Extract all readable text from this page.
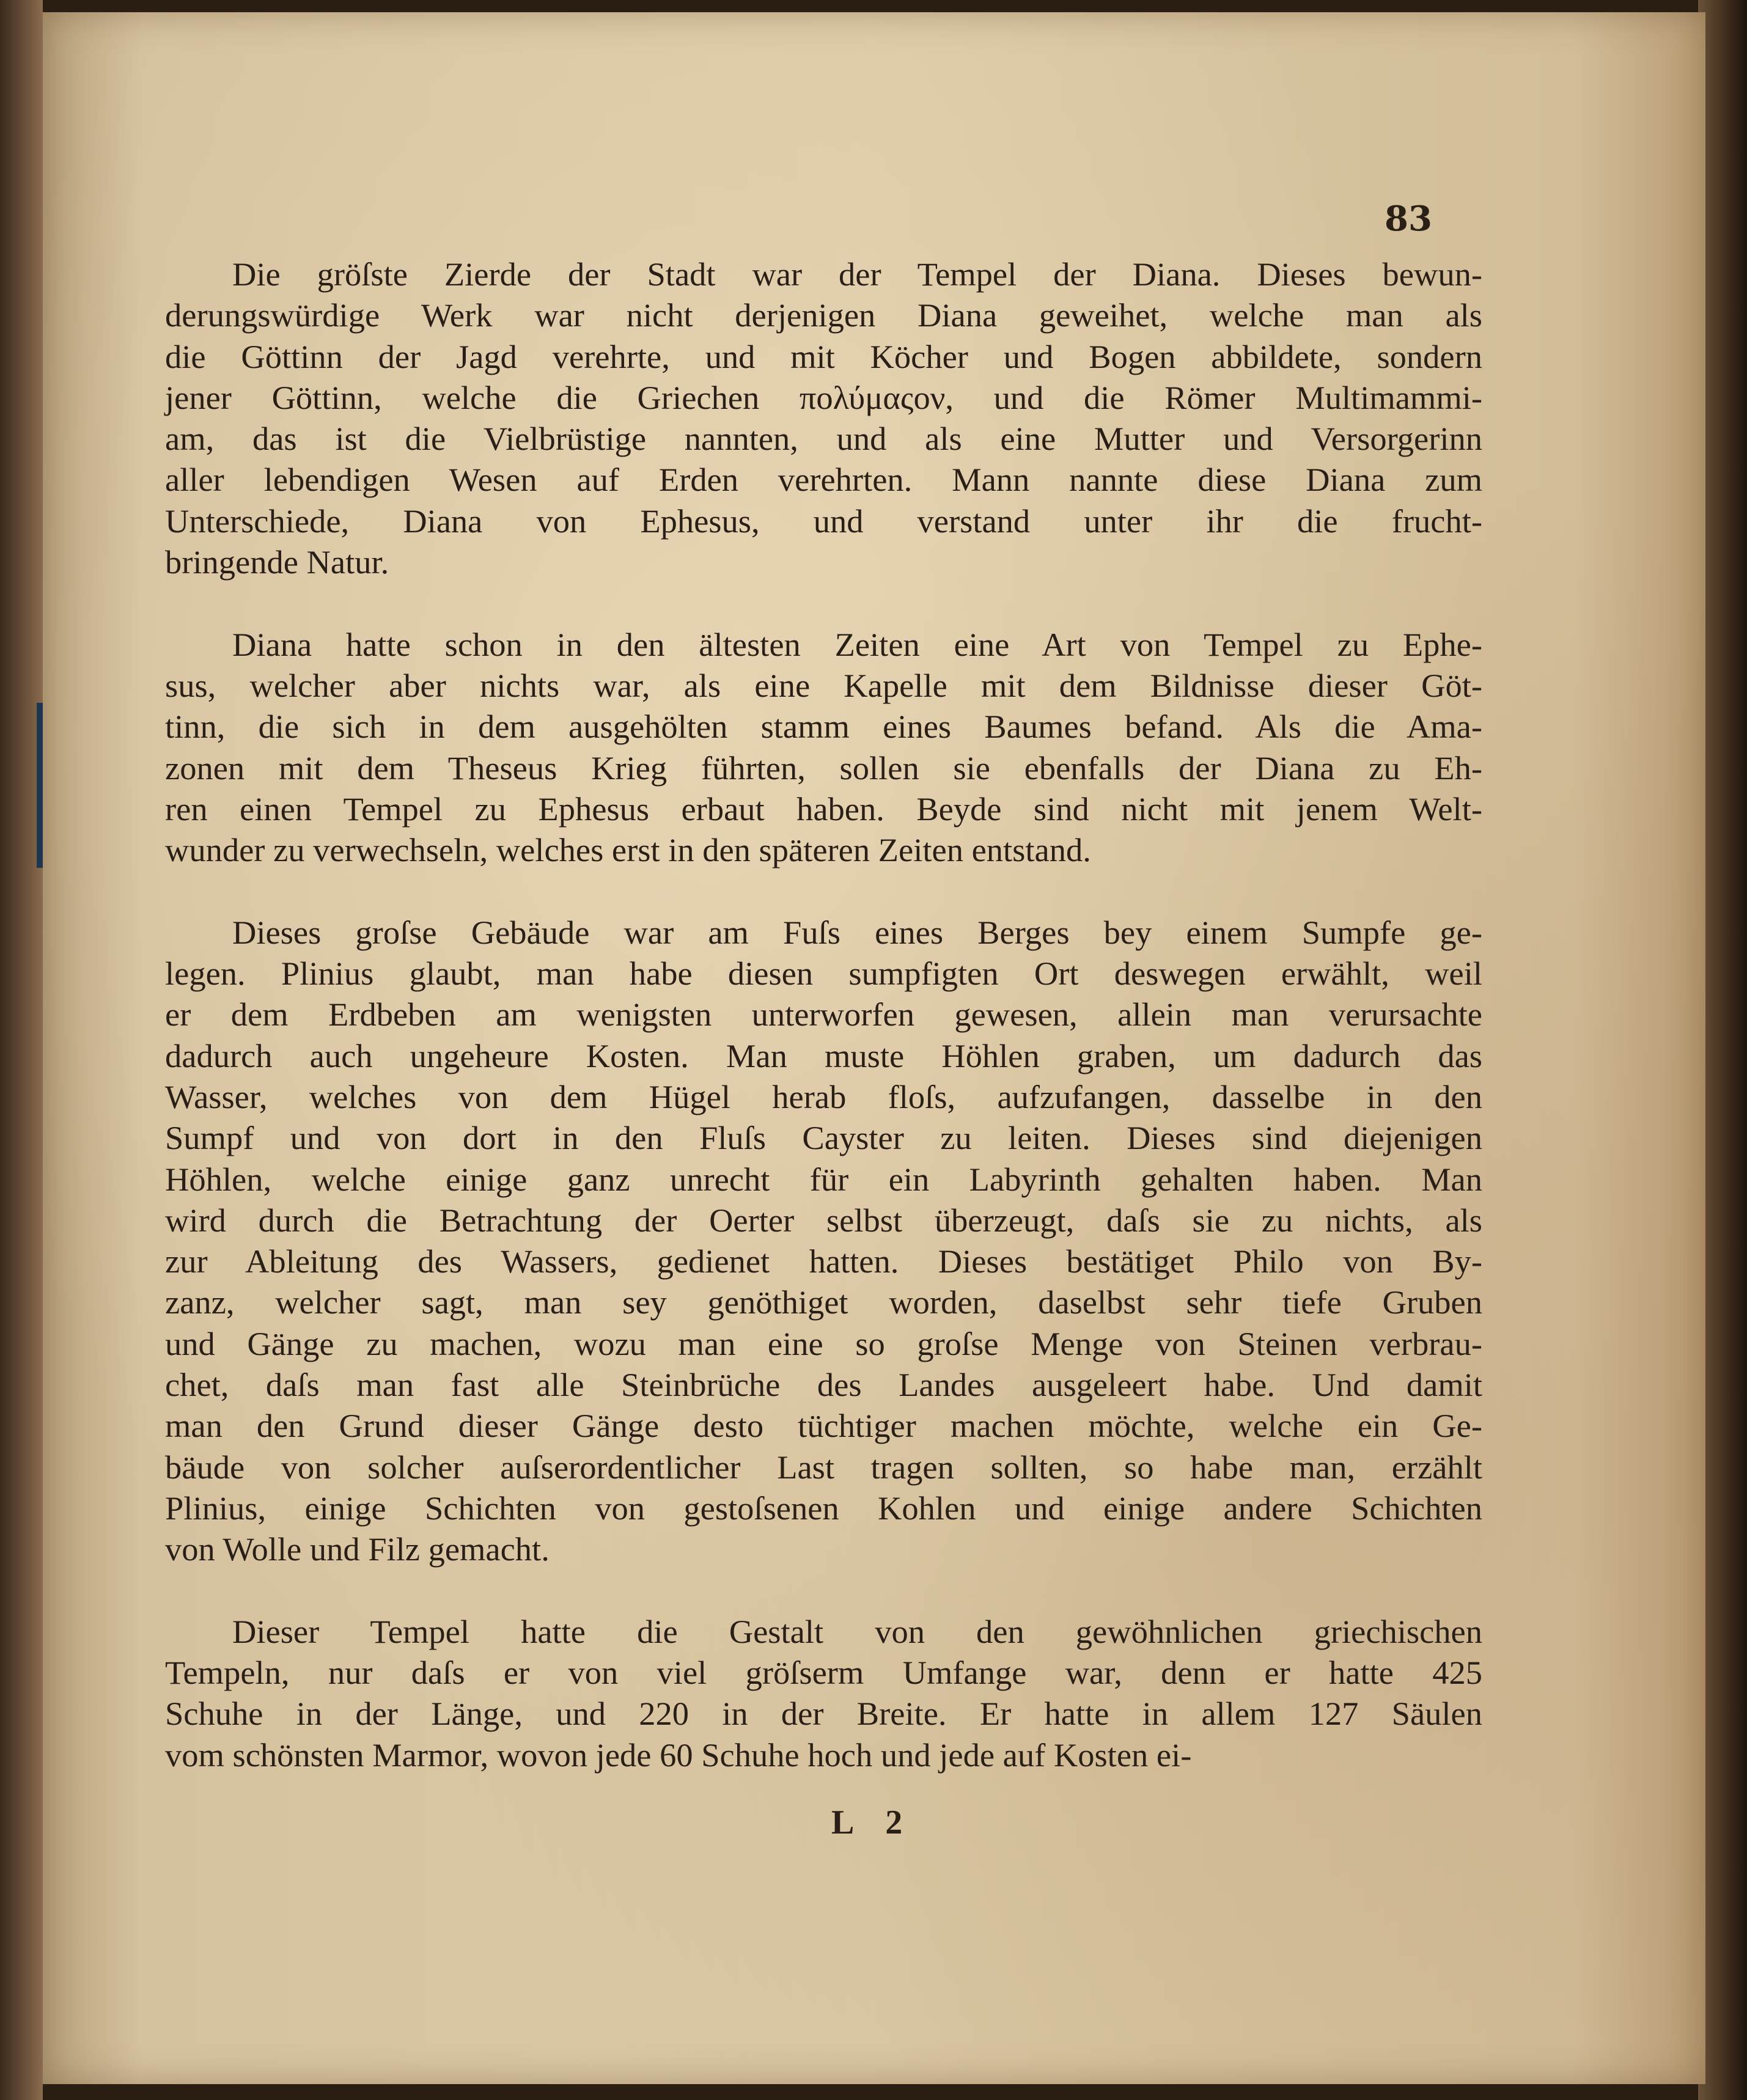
83
Die gröſste Zierde der Stadt war der Tempel der Diana. Dieses bewun-
derungswürdige Werk war nicht derjenigen Diana geweihet, welche man als
die Göttinn der Jagd verehrte, und mit Köcher und Bogen abbildete, sondern
jener Göttinn, welche die Griechen πολύμαςον, und die Römer Multimammi-
am, das ist die Vielbrüstige nannten, und als eine Mutter und Versorgerinn
aller lebendigen Wesen auf Erden verehrten. Mann nannte diese Diana zum
Unterschiede, Diana von Ephesus, und verstand unter ihr die frucht-
bringende Natur.
Diana hatte schon in den ältesten Zeiten eine Art von Tempel zu Ephe-
sus, welcher aber nichts war, als eine Kapelle mit dem Bildnisse dieser Göt-
tinn, die sich in dem ausgehölten stamm eines Baumes befand. Als die Ama-
zonen mit dem Theseus Krieg führten, sollen sie ebenfalls der Diana zu Eh-
ren einen Tempel zu Ephesus erbaut haben. Beyde sind nicht mit jenem Welt-
wunder zu verwechseln, welches erst in den späteren Zeiten entstand.
Dieses groſse Gebäude war am Fuſs eines Berges bey einem Sumpfe ge-
legen. Plinius glaubt, man habe diesen sumpfigten Ort deswegen erwählt, weil
er dem Erdbeben am wenigsten unterworfen gewesen, allein man verursachte
dadurch auch ungeheure Kosten. Man muste Höhlen graben, um dadurch das
Wasser, welches von dem Hügel herab floſs, aufzufangen, dasselbe in den
Sumpf und von dort in den Fluſs Cayster zu leiten. Dieses sind diejenigen
Höhlen, welche einige ganz unrecht für ein Labyrinth gehalten haben. Man
wird durch die Betrachtung der Oerter selbst überzeugt, daſs sie zu nichts, als
zur Ableitung des Wassers, gedienet hatten. Dieses bestätiget Philo von By-
zanz, welcher sagt, man sey genöthiget worden, daselbst sehr tiefe Gruben
und Gänge zu machen, wozu man eine so groſse Menge von Steinen verbrau-
chet, daſs man fast alle Steinbrüche des Landes ausgeleert habe. Und damit
man den Grund dieser Gänge desto tüchtiger machen möchte, welche ein Ge-
bäude von solcher auſserordentlicher Last tragen sollten, so habe man, erzählt
Plinius, einige Schichten von gestoſsenen Kohlen und einige andere Schichten
von Wolle und Filz gemacht.
Dieser Tempel hatte die Gestalt von den gewöhnlichen griechischen
Tempeln, nur daſs er von viel gröſserm Umfange war, denn er hatte 425
Schuhe in der Länge, und 220 in der Breite. Er hatte in allem 127 Säulen
vom schönsten Marmor, wovon jede 60 Schuhe hoch und jede auf Kosten ei-
L 2
